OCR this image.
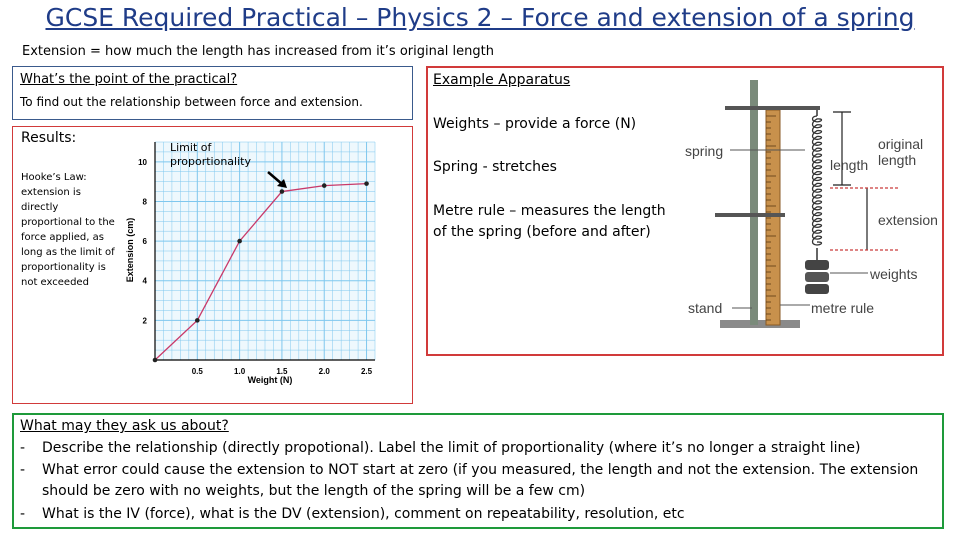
GCSE Required Practical – Physics 2 – Force and extension of a spring
Extension = how much the length has increased from it’s original length
What’s the point of the practical?
To find out the relationship between force and extension.
Results:
Hooke’s Law: extension is directly proportional to the force applied, as long as the limit of proportionality is not exceeded
0.5	1.0	1.5	2.0	2.5
2
4
6
8
10
Weight (N)
Extension (cm)
Limit of proportionality
Example Apparatus
Weights – provide a force (N)
Spring - stretches
Metre rule – measures the length of the spring (before and after)
spring
length
original
length
extension
weights
stand	metre rule
What may they ask us about?
- Describe the relationship (directly propotional). Label the limit of proportionality (where it’s no longer a straight line)
- What error could cause the extension to NOT start at zero (if you measured, the length and not the extension. The extension should be zero with no weights, but the length of the spring will be a few cm)
- What is the IV (force), what is the DV (extension), comment on repeatability, resolution, etc
